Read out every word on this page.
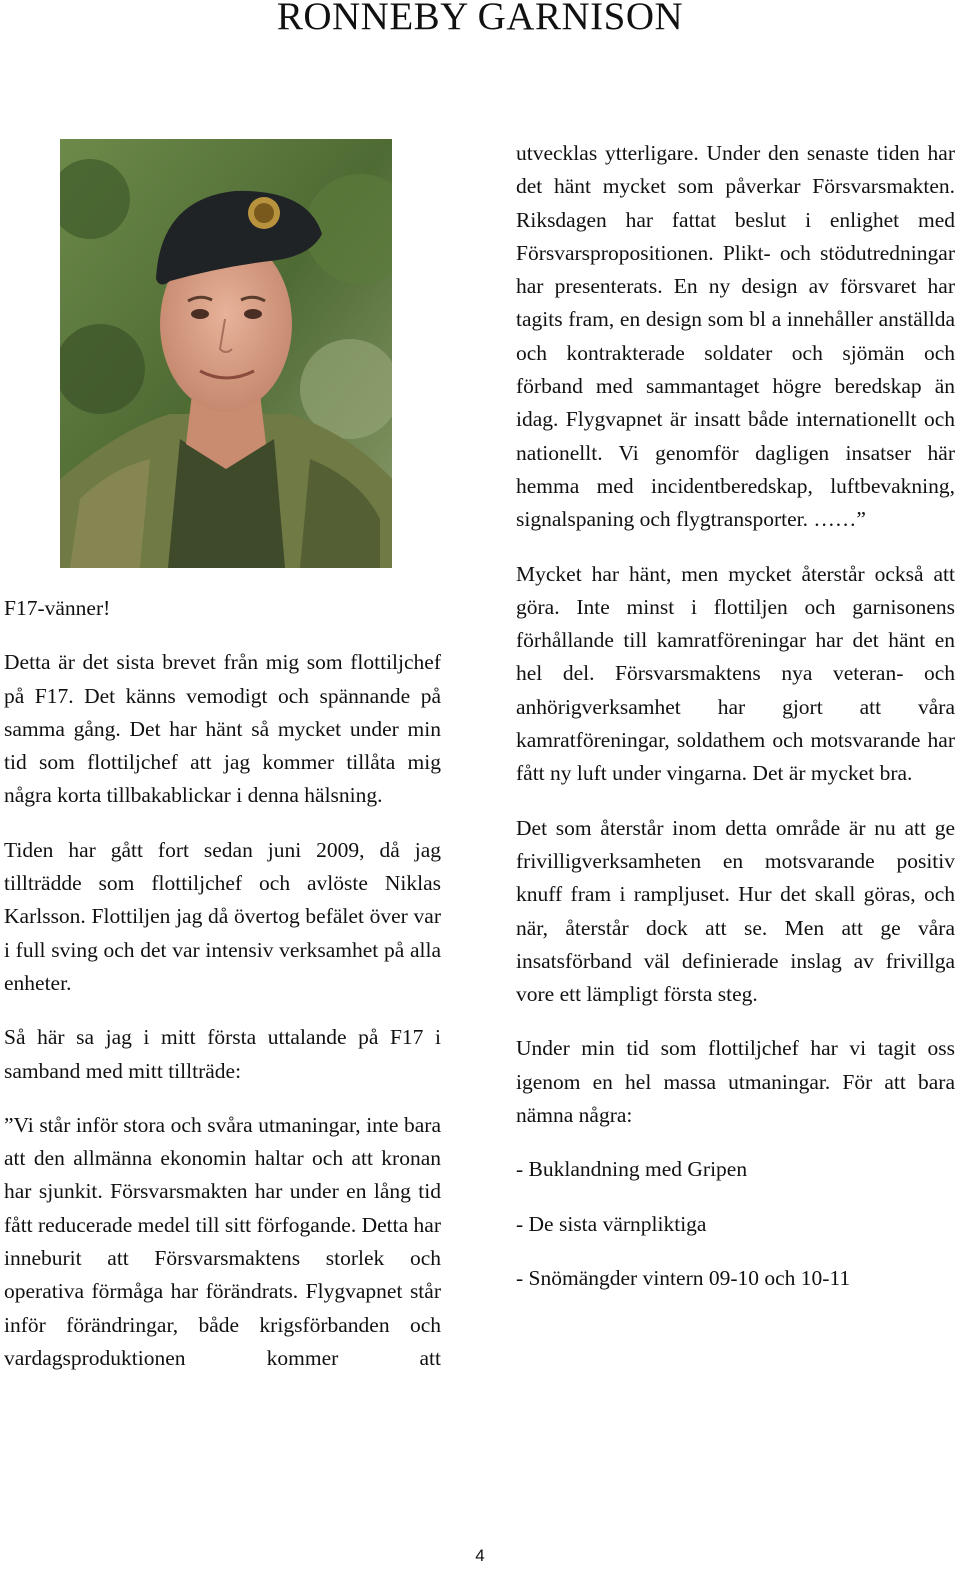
RONNEBY GARNISON

F17-vänner!

Detta är det sista brevet från mig som flottiljchef på F17. Det känns vemodigt och spännande på samma gång. Det har hänt så mycket under min tid som flottiljchef att jag kommer tillåta mig några korta tillbakablickar i denna hälsning.

Tiden har gått fort sedan juni 2009, då jag tillträdde som flottiljchef och avlöste Niklas Karlsson. Flottiljen jag då övertog befälet över var i full sving och det var intensiv verksamhet på alla enheter.

Så här sa jag i mitt första uttalande på F17 i samband med mitt tillträde:

”Vi står inför stora och svåra utmaningar, inte bara att den allmänna ekonomin haltar och att kronan har sjunkit. Försvarsmakten har under en lång tid fått reducerade medel till sitt förfogande. Detta har inneburit att Försvarsmaktens storlek och operativa förmåga har förändrats. Flygvapnet står inför förändringar, både krigsförbanden och vardagsproduktionen kommer att

utvecklas ytterligare. Under den senaste tiden har det hänt mycket som påverkar Försvarsmakten. Riksdagen har fattat beslut i enlighet med Försvarspropositionen. Plikt- och stödutredningar har presenterats. En ny design av försvaret har tagits fram, en design som bl a innehåller anställda och kontrakterade soldater och sjömän och förband med sammantaget högre beredskap än idag. Flygvapnet är insatt både internationellt och nationellt. Vi genomför dagligen insatser här hemma med incidentberedskap, luftbevakning, signalspaning och flygtransporter. ……”

Mycket har hänt, men mycket återstår också att göra. Inte minst i flottiljen och garnisonens förhållande till kamratföreningar har det hänt en hel del. Försvarsmaktens nya veteran- och anhörigverksamhet har gjort att våra kamratföreningar, soldathem och motsvarande har fått ny luft under vingarna. Det är mycket bra.

Det som återstår inom detta område är nu att ge frivilligverksamheten en motsvarande positiv knuff fram i rampljuset. Hur det skall göras, och när, återstår dock att se. Men att ge våra insatsförband väl definierade inslag av frivillga vore ett lämpligt första steg.

Under min tid som flottiljchef har vi tagit oss igenom en hel massa utmaningar. För att bara nämna några:

- Buklandning med Gripen
- De sista värnpliktiga
- Snömängder vintern 09-10 och 10-11
4
